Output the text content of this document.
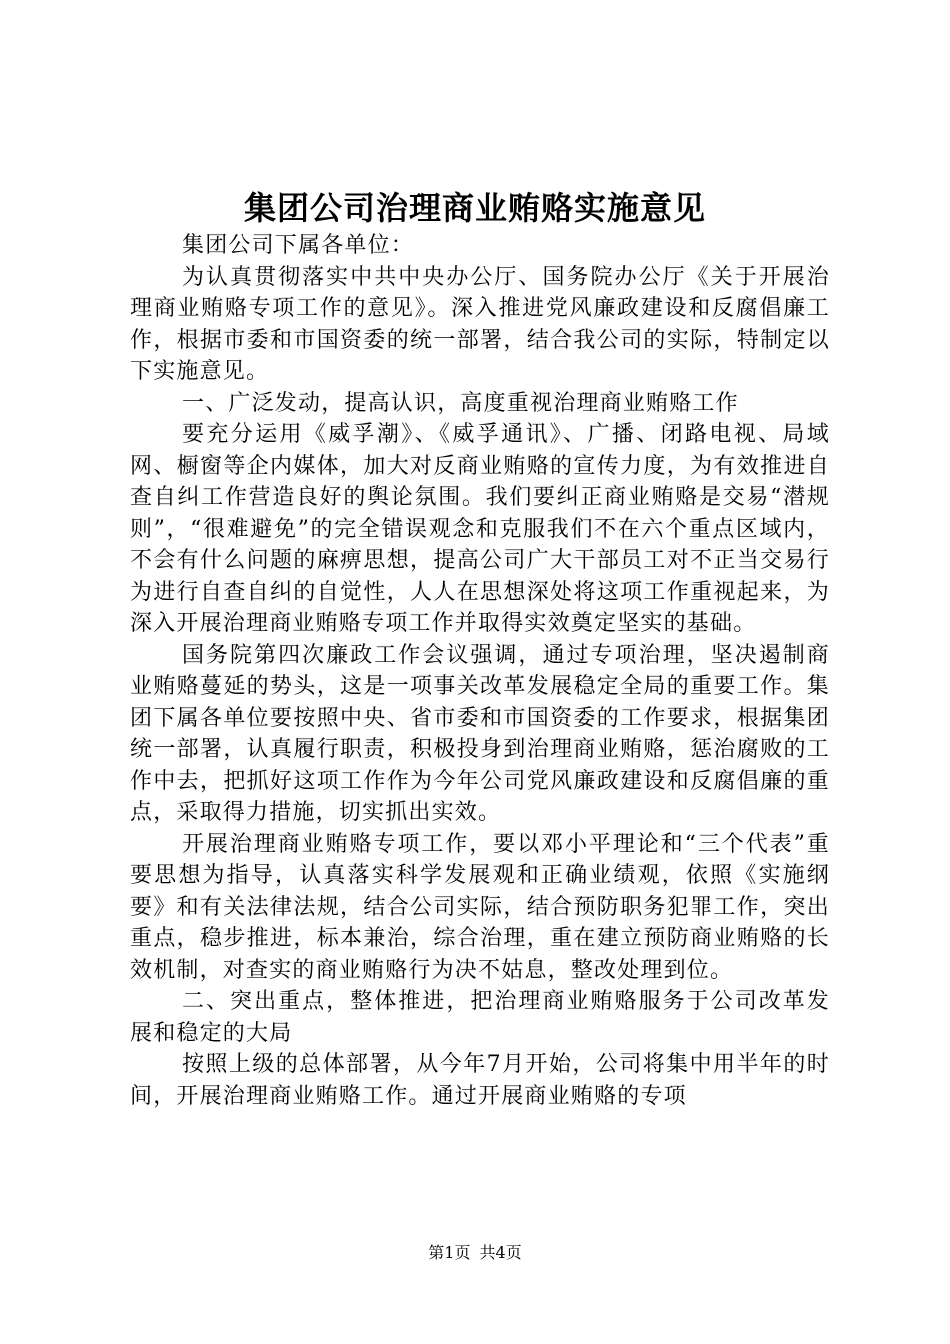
集团公司治理商业贿赂实施意见

集团公司下属各单位：

为认真贯彻落实中共中央办公厅、国务院办公厅《关于开展治理商业贿赂专项工作的意见》。深入推进党风廉政建设和反腐倡廉工作，根据市委和市国资委的统一部署，结合我公司的实际，特制定以下实施意见。

一、广泛发动，提高认识，高度重视治理商业贿赂工作

要充分运用《威孚潮》、《威孚通讯》、广播、闭路电视、局域网、橱窗等企内媒体，加大对反商业贿赂的宣传力度，为有效推进自查自纠工作营造良好的舆论氛围。我们要纠正商业贿赂是交易“潜规则”，“很难避免”的完全错误观念和克服我们不在六个重点区域内，不会有什么问题的麻痹思想，提高公司广大干部员工对不正当交易行为进行自查自纠的自觉性，人人在思想深处将这项工作重视起来，为深入开展治理商业贿赂专项工作并取得实效奠定坚实的基础。

国务院第四次廉政工作会议强调，通过专项治理，坚决遏制商业贿赂蔓延的势头，这是一项事关改革发展稳定全局的重要工作。集团下属各单位要按照中央、省市委和市国资委的工作要求，根据集团统一部署，认真履行职责，积极投身到治理商业贿赂，惩治腐败的工作中去，把抓好这项工作作为今年公司党风廉政建设和反腐倡廉的重点，采取得力措施，切实抓出实效。

开展治理商业贿赂专项工作，要以邓小平理论和“三个代表”重要思想为指导，认真落实科学发展观和正确业绩观，依照《实施纲要》和有关法律法规，结合公司实际，结合预防职务犯罪工作，突出重点，稳步推进，标本兼治，综合治理，重在建立预防商业贿赂的长效机制，对查实的商业贿赂行为决不姑息，整改处理到位。

二、突出重点，整体推进，把治理商业贿赂服务于公司改革发展和稳定的大局

按照上级的总体部署，从今年7月开始，公司将集中用半年的时间，开展治理商业贿赂工作。通过开展商业贿赂的专项

第1页 共4页
